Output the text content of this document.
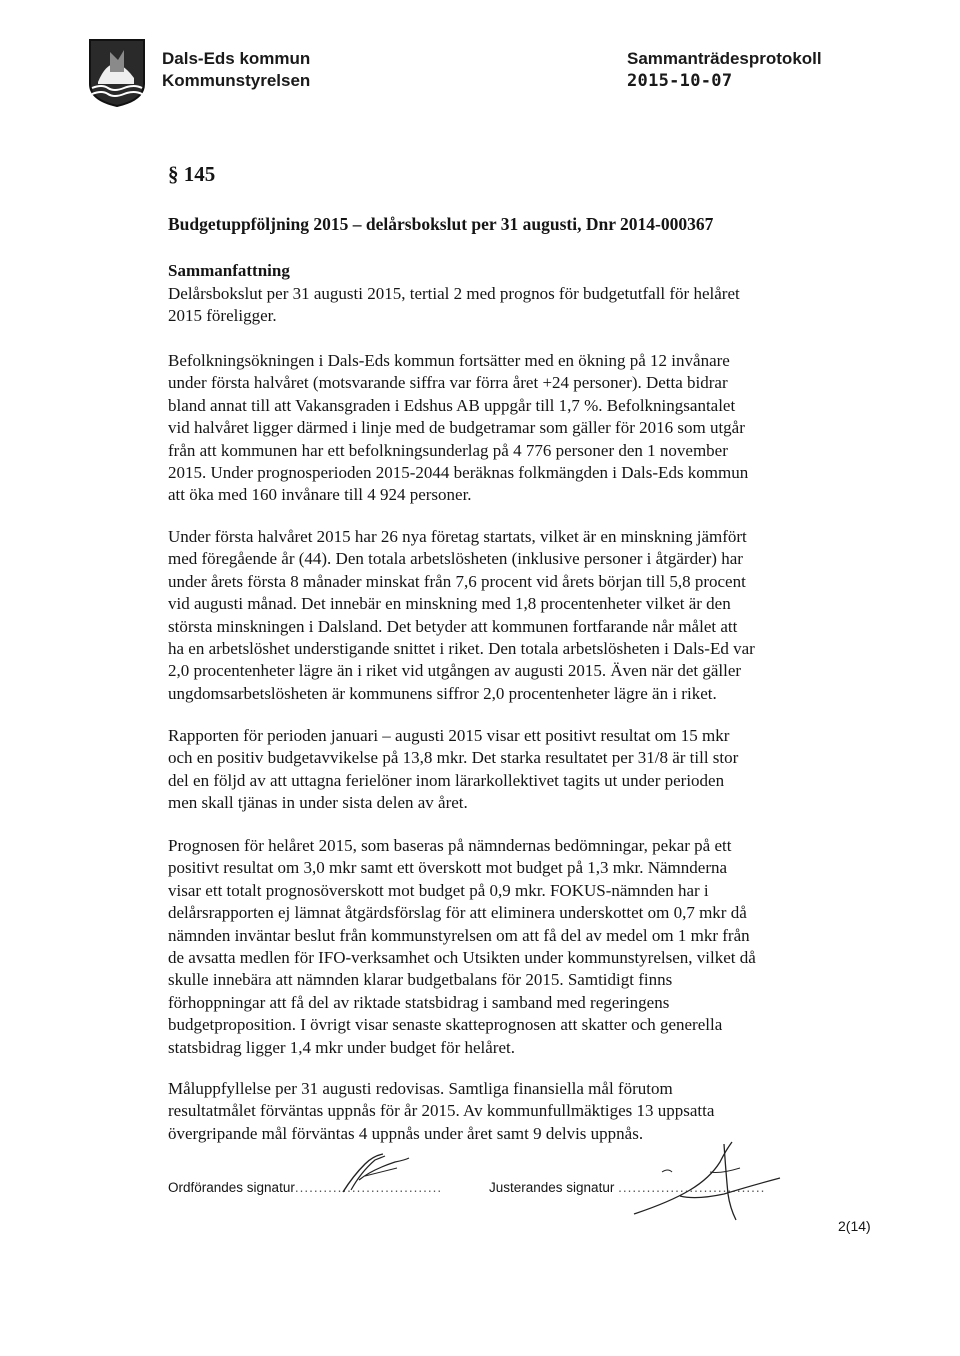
Dals-Eds kommun
Kommunstyrelsen
Sammanträdesprotokoll
2015-10-07
§ 145
Budgetuppföljning 2015 – delårsbokslut per 31 augusti, Dnr 2014-000367
Sammanfattning
Delårsbokslut per 31 augusti 2015, tertial 2 med prognos för budgetutfall för helåret
2015 föreligger.
Befolkningsökningen i Dals-Eds kommun fortsätter med en ökning på 12 invånare
under första halvåret (motsvarande siffra var förra året +24 personer). Detta bidrar
bland annat till att Vakansgraden i Edshus AB uppgår till 1,7 %. Befolkningsantalet
vid halvåret ligger därmed i linje med de budgetramar som gäller för 2016 som utgår
från att kommunen har ett befolkningsunderlag på 4 776 personer den 1 november
2015. Under prognosperioden 2015-2044 beräknas folkmängden i Dals-Eds kommun
att öka med 160 invånare till 4 924 personer.
Under första halvåret 2015 har 26 nya företag startats, vilket är en minskning jämfört
med föregående år (44). Den totala arbetslösheten (inklusive personer i åtgärder) har
under årets första 8 månader minskat från 7,6 procent vid årets början till 5,8 procent
vid augusti månad. Det innebär en minskning med 1,8 procentenheter vilket är den
största minskningen i Dalsland. Det betyder att kommunen fortfarande når målet att
ha en arbetslöshet understigande snittet i riket. Den totala arbetslösheten i Dals-Ed var
2,0 procentenheter lägre än i riket vid utgången av augusti 2015. Även när det gäller
ungdomsarbetslösheten är kommunens siffror 2,0 procentenheter lägre än i riket.
Rapporten för perioden januari – augusti 2015 visar ett positivt resultat om 15 mkr
och en positiv budgetavvikelse på 13,8 mkr. Det starka resultatet per 31/8 är till stor
del en följd av att uttagna ferielöner inom lärarkollektivet tagits ut under perioden
men skall tjänas in under sista delen av året.
Prognosen för helåret 2015, som baseras på nämndernas bedömningar, pekar på ett
positivt resultat om 3,0 mkr samt ett överskott mot budget på 1,3 mkr. Nämnderna
visar ett totalt prognosöverskott mot budget på 0,9 mkr. FOKUS-nämnden har i
delårsrapporten ej lämnat åtgärdsförslag för att eliminera underskottet om 0,7 mkr då
nämnden inväntar beslut från kommunstyrelsen om att få del av medel om 1 mkr från
de avsatta medlen för IFO-verksamhet och Utsikten under kommunstyrelsen, vilket då
skulle innebära att nämnden klarar budgetbalans för 2015. Samtidigt finns
förhoppningar att få del av riktade statsbidrag i samband med regeringens
budgetproposition. I övrigt visar senaste skatteprognosen att skatter och generella
statsbidrag ligger 1,4 mkr under budget för helåret.
Måluppfyllelse per 31 augusti redovisas. Samtliga finansiella mål förutom
resultatmålet förväntas uppnås för år 2015. Av kommunfullmäktiges 13 uppsatta
övergripande mål förväntas 4 uppnås under året samt 9 delvis uppnås.
Ordförandes signatur...............................	Justerandes signatur ...............................
2(14)
